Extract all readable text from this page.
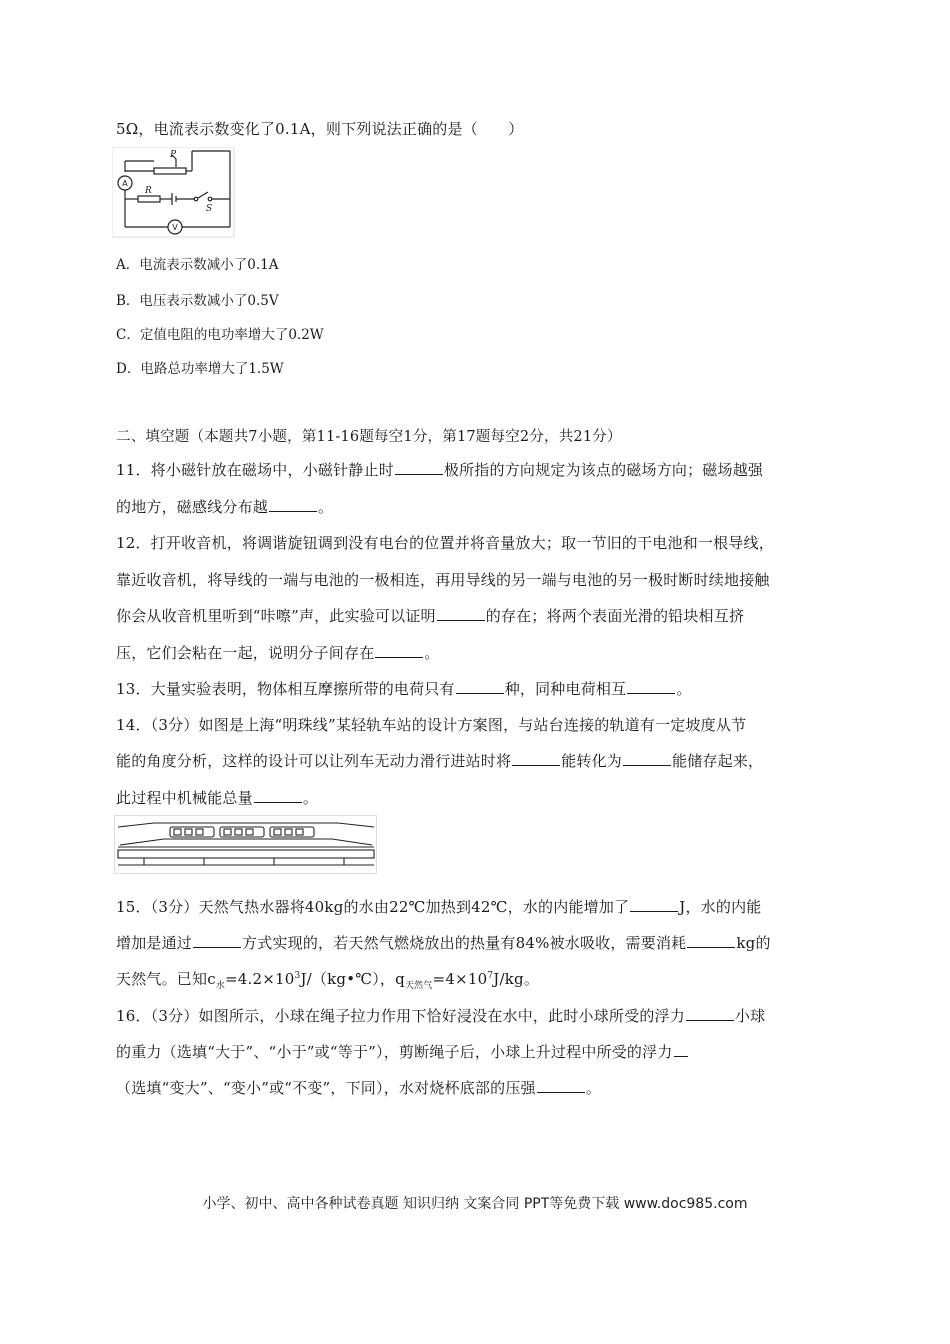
5Ω，电流表示数变化了0.1A，则下列说法正确的是（　　）
P
R
S
A
V
A．电流表示数减小了0.1A
B．电压表示数减小了0.5V
C．定值电阻的电功率增大了0.2W
D．电路总功率增大了1.5W
二、填空题（本题共7小题，第11-16题每空1分，第17题每空2分，共21分）
11．将小磁针放在磁场中，小磁针静止时	极所指的方向规定为该点的磁场方向；磁场越强
的地方，磁感线分布越	。
12．打开收音机，将调谐旋钮调到没有电台的位置并将音量放大；取一节旧的干电池和一根导线，
靠近收音机，将导线的一端与电池的一极相连，再用导线的另一端与电池的另一极时断时续地接触
你会从收音机里听到“咔嚓”声，此实验可以证明	的存在；将两个表面光滑的铅块相互挤
压，它们会粘在一起，说明分子间存在	。
13．大量实验表明，物体相互摩擦所带的电荷只有	种，同种电荷相互	。
14．（3分）如图是上海“明珠线”某轻轨车站的设计方案图，与站台连接的轨道有一定坡度从节
能的角度分析，这样的设计可以让列车无动力滑行进站时将	能转化为	能储存起来，
此过程中机械能总量	。
15．（3分）天然气热水器将40kg的水由22℃加热到42℃，水的内能增加了	J，水的内能
增加是通过	方式实现的，若天然气燃烧放出的热量有84%被水吸收，需要消耗	kg的
天然气。已知$c_水=4.2\times 10^3J/(kg•℃)$，$q_{天然气}=4\times 10^7J/kg$。
16．（3分）如图所示，小球在绳子拉力作用下恰好浸没在水中，此时小球所受的浮力	小球
的重力（选填“大于”、“小于”或“等于”），剪断绳子后，小球上升过程中所受的浮力
（选填“变大”、“变小”或“不变”，下同），水对烧杯底部的压强	。
小学、初中、高中各种试卷真题 知识归纳 文案合同 PPT等免费下载 www.doc985.com
